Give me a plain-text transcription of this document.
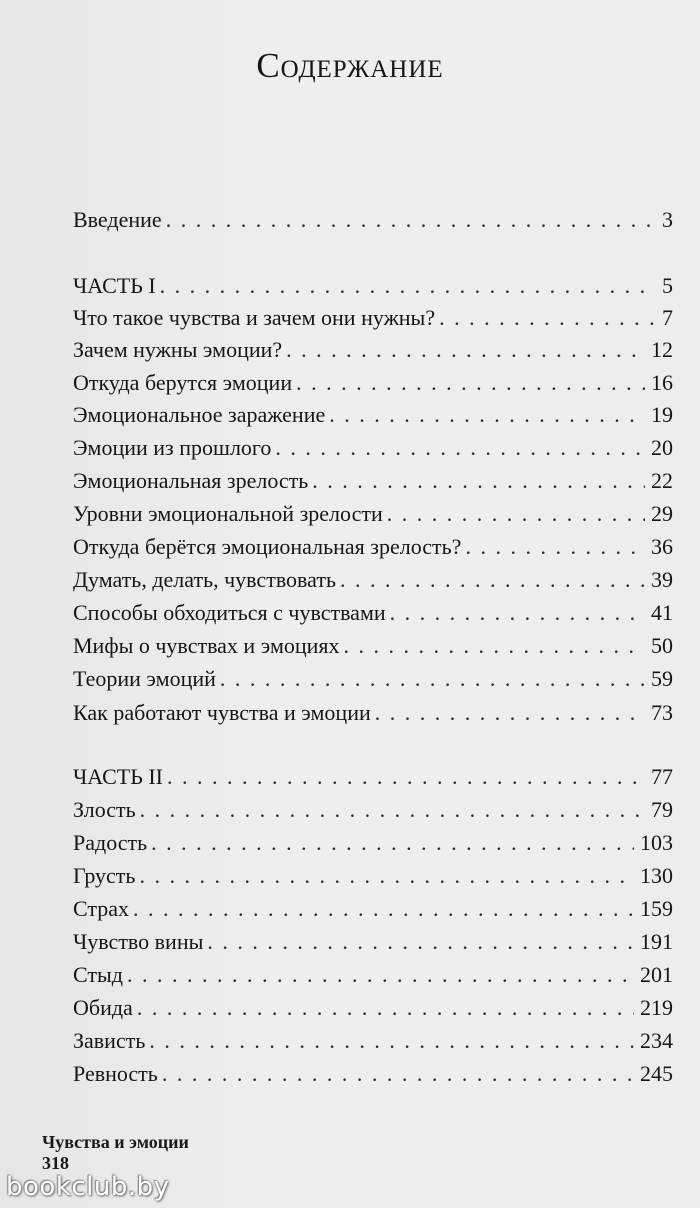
Содержание
Введение . . .	3
ЧАСТЬ I . . .	5
Что такое чувства и зачем они нужны? . . .	7
Зачем нужны эмоции? . . .	12
Откуда берутся эмоции . . .	16
Эмоциональное заражение . . .	19
Эмоции из прошлого . . .	20
Эмоциональная зрелость . . .	22
Уровни эмоциональной зрелости . . .	29
Откуда берётся эмоциональная зрелость? . . .	36
Думать, делать, чувствовать . . .	39
Способы обходиться с чувствами . . .	41
Мифы о чувствах и эмоциях . . .	50
Теории эмоций . . .	59
Как работают чувства и эмоции . . .	73
ЧАСТЬ II . . .	77
Злость . . .	79
Радость . . .	103
Грусть . . .	130
Страх . . .	159
Чувство вины . . .	191
Стыд . . .	201
Обида . . .	219
Зависть . . .	234
Ревность . . .	245
Чувства и эмоции
318
bookclub.by
